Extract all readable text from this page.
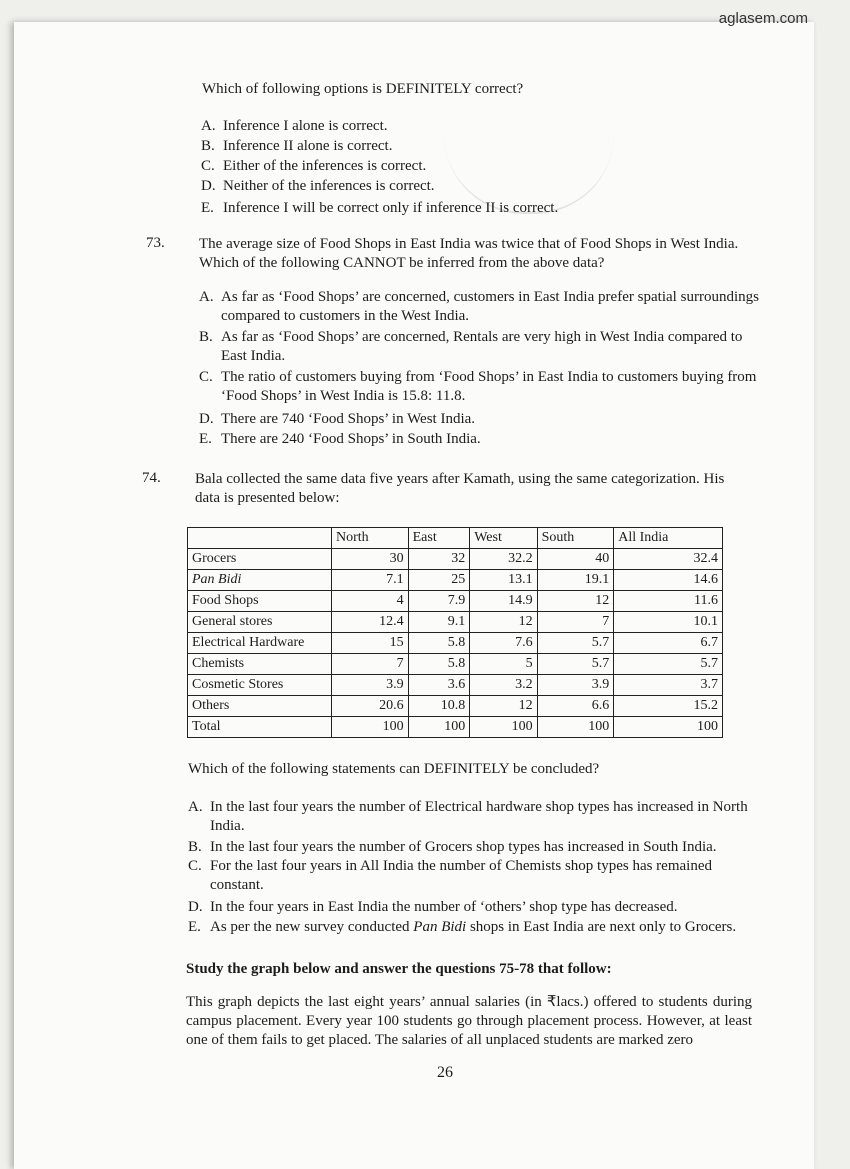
aglasem.com
Which of following options is DEFINITELY correct?
A. Inference I alone is correct.
B. Inference II alone is correct.
C. Either of the inferences is correct.
D. Neither of the inferences is correct.
E. Inference I will be correct only if inference II is correct.
73. The average size of Food Shops in East India was twice that of Food Shops in West India. Which of the following CANNOT be inferred from the above data?
A. As far as ‘Food Shops’ are concerned, customers in East India prefer spatial surroundings compared to customers in the West India.
B. As far as ‘Food Shops’ are concerned, Rentals are very high in West India compared to East India.
C. The ratio of customers buying from ‘Food Shops’ in East India to customers buying from ‘Food Shops’ in West India is 15.8: 11.8.
D. There are 740 ‘Food Shops’ in West India.
E. There are 240 ‘Food Shops’ in South India.
74. Bala collected the same data five years after Kamath, using the same categorization. His data is presented below:
	North	East	West	South	All India
Grocers	30	32	32.2	40	32.4
Pan Bidi	7.1	25	13.1	19.1	14.6
Food Shops	4	7.9	14.9	12	11.6
General stores	12.4	9.1	12	7	10.1
Electrical Hardware	15	5.8	7.6	5.7	6.7
Chemists	7	5.8	5	5.7	5.7
Cosmetic Stores	3.9	3.6	3.2	3.9	3.7
Others	20.6	10.8	12	6.6	15.2
Total	100	100	100	100	100
Which of the following statements can DEFINITELY be concluded?
A. In the last four years the number of Electrical hardware shop types has increased in North India.
B. In the last four years the number of Grocers shop types has increased in South India.
C. For the last four years in All India the number of Chemists shop types has remained constant.
D. In the four years in East India the number of ‘others’ shop type has decreased.
E. As per the new survey conducted Pan Bidi shops in East India are next only to Grocers.
Study the graph below and answer the questions 75-78 that follow:
This graph depicts the last eight years’ annual salaries (in ₹lacs.) offered to students during campus placement. Every year 100 students go through placement process. However, at least one of them fails to get placed. The salaries of all unplaced students are marked zero
26
